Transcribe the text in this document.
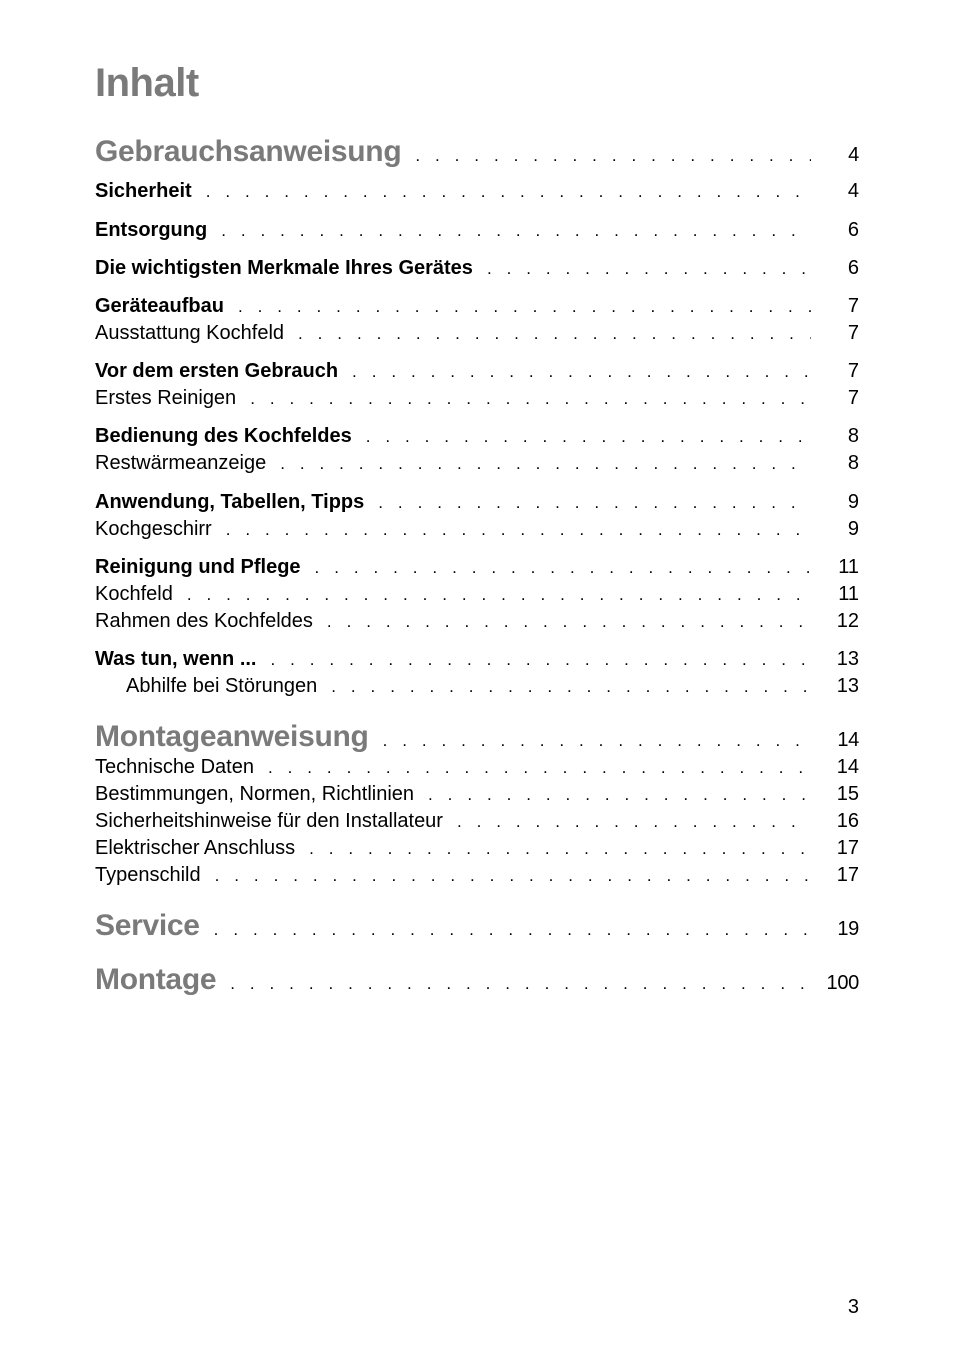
Inhalt
Gebrauchsanweisung . . .	4
Sicherheit . . .	4
Entsorgung . . .	6
Die wichtigsten Merkmale Ihres Gerätes . . .	6
Geräteaufbau . . .	7
Ausstattung Kochfeld . . .	7
Vor dem ersten Gebrauch . . .	7
Erstes Reinigen . . .	7
Bedienung des Kochfeldes . . .	8
Restwärmeanzeige . . .	8
Anwendung, Tabellen, Tipps . . .	9
Kochgeschirr . . .	9
Reinigung und Pflege . . .	11
Kochfeld . . .	11
Rahmen des Kochfeldes . . .	12
Was tun, wenn ... . . .	13
Abhilfe bei Störungen . . .	13
Montageanweisung . . .	14
Technische Daten . . .	14
Bestimmungen, Normen, Richtlinien . . .	15
Sicherheitshinweise für den Installateur . . .	16
Elektrischer Anschluss . . .	17
Typenschild . . .	17
Service . . .	19
Montage . . .	100
3
